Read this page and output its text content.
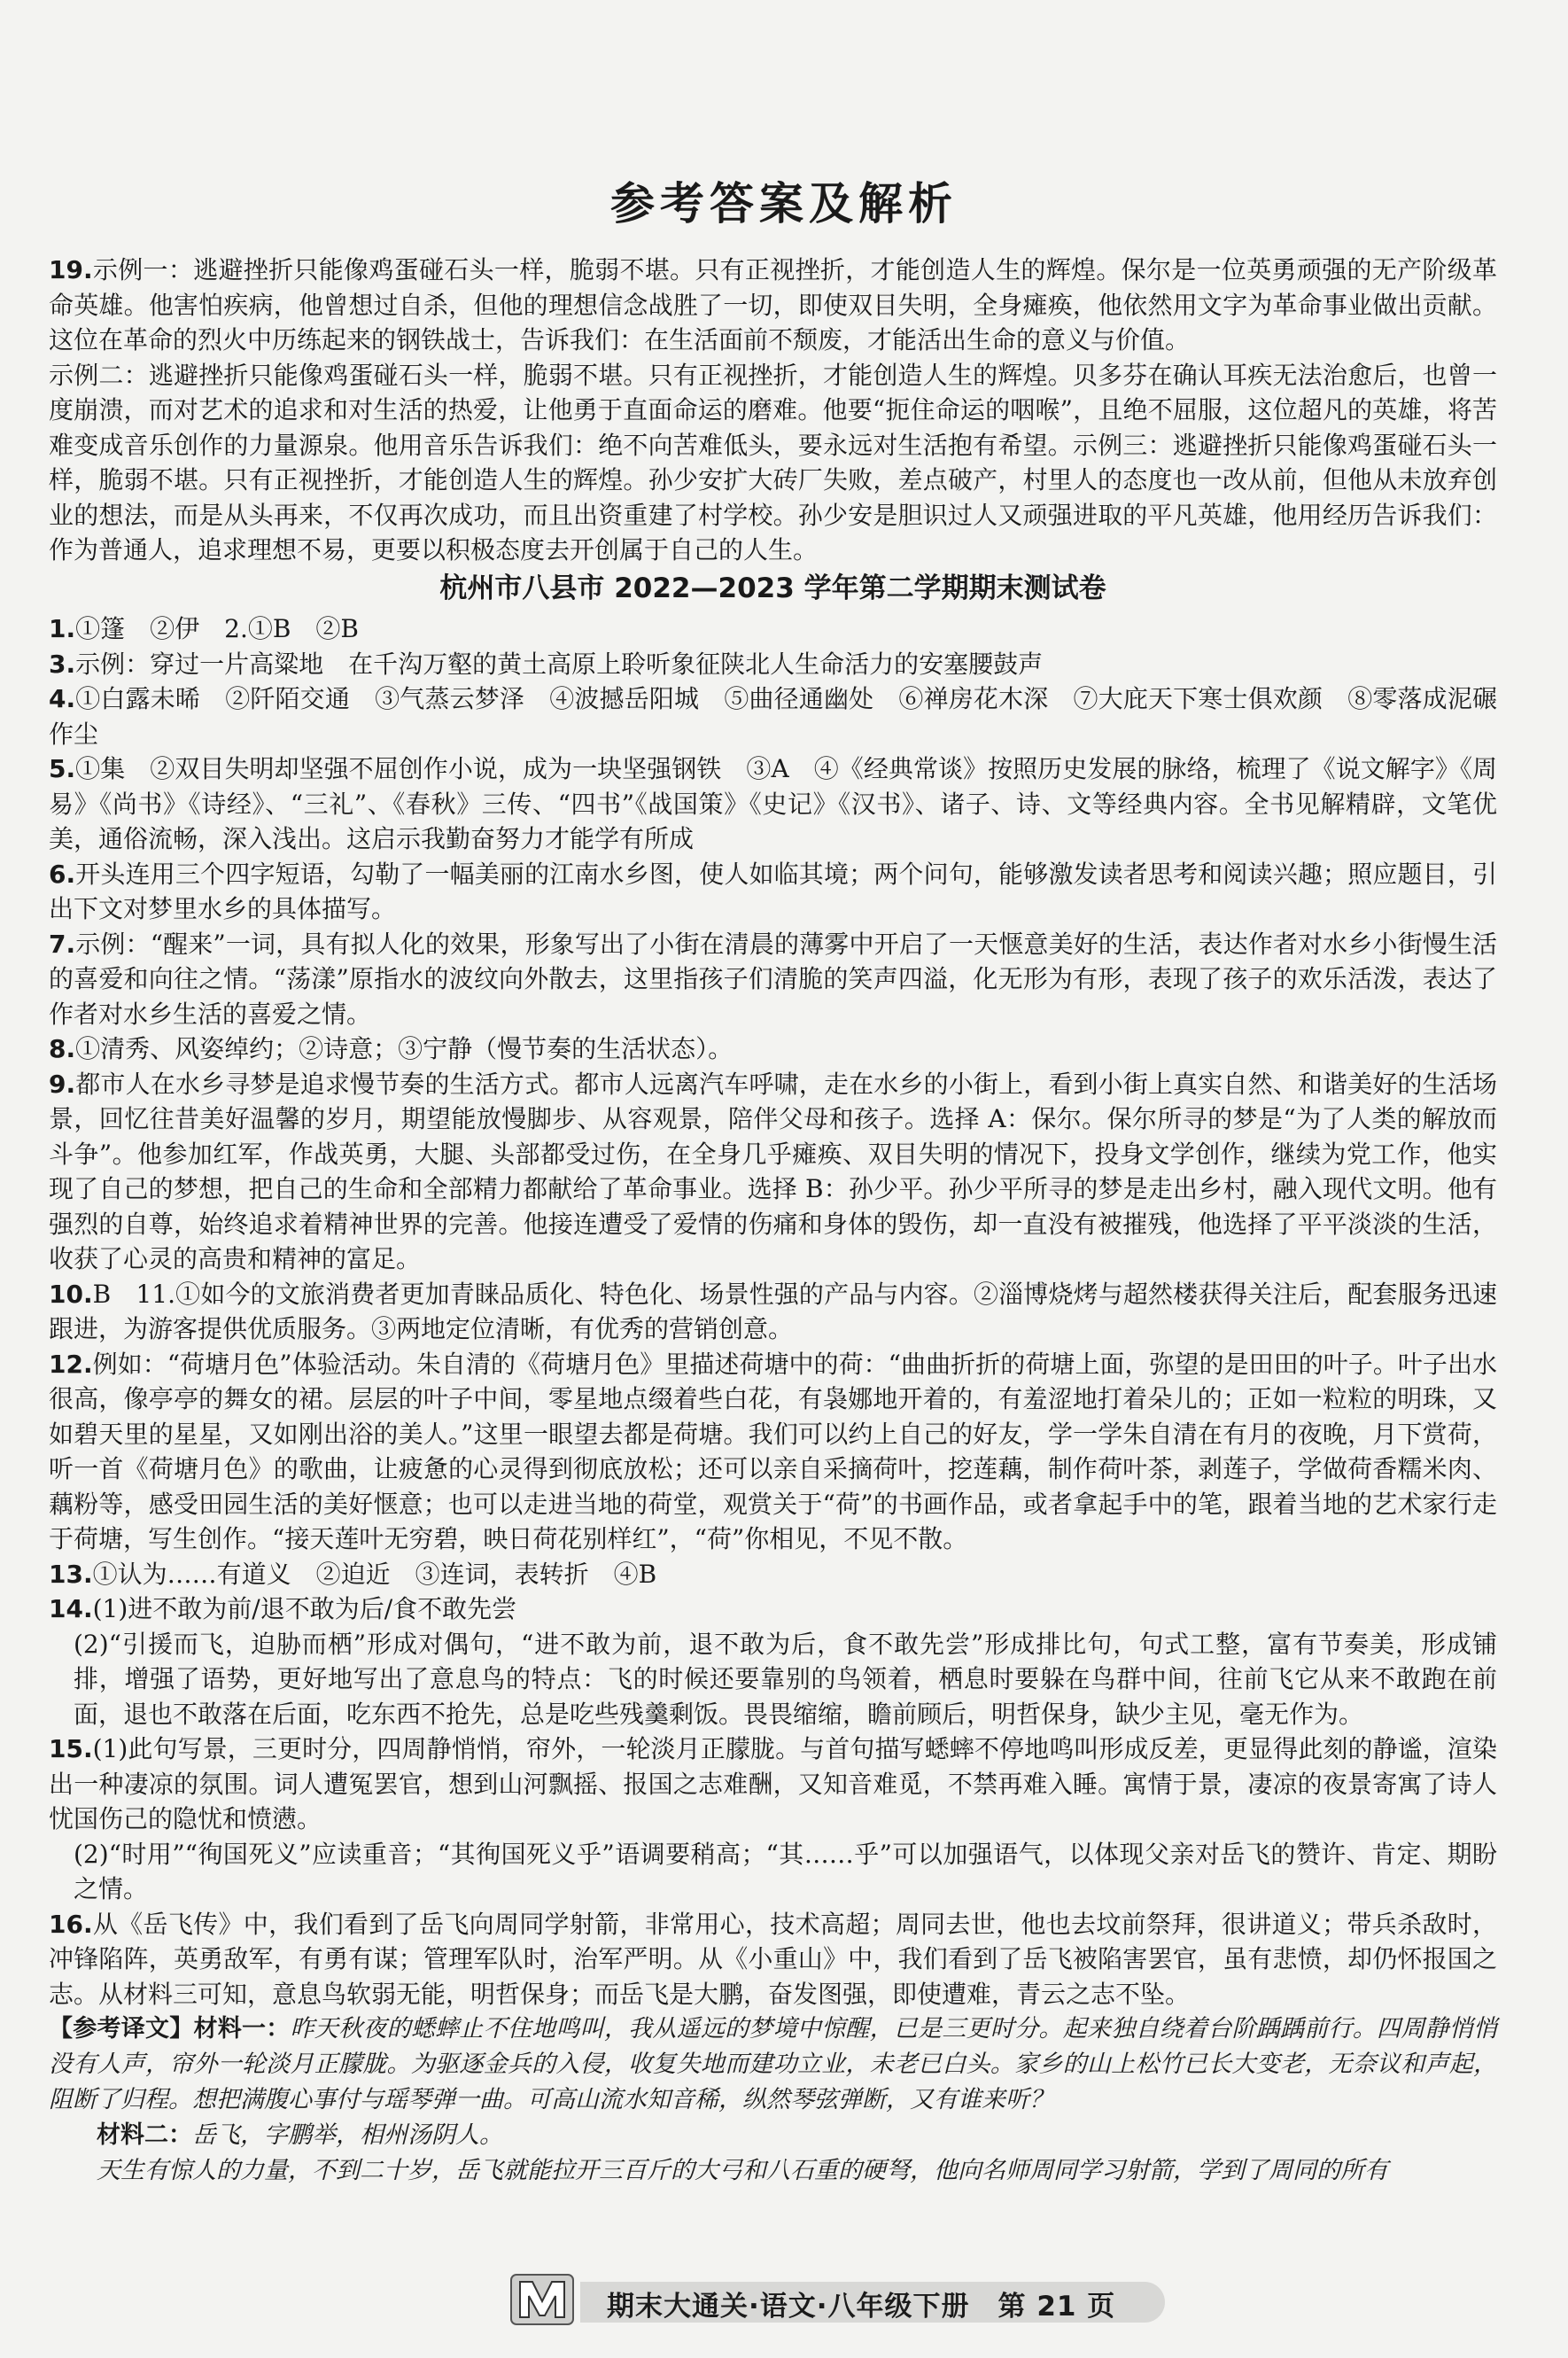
参考答案及解析

19.示例一：逃避挫折只能像鸡蛋碰石头一样，脆弱不堪。只有正视挫折，才能创造人生的辉煌。保尔是一位英勇顽强的无产阶级革命英雄。他害怕疾病，他曾想过自杀，但他的理想信念战胜了一切，即使双目失明，全身瘫痪，他依然用文字为革命事业做出贡献。这位在革命的烈火中历练起来的钢铁战士，告诉我们：在生活面前不颓废，才能活出生命的意义与价值。

示例二：逃避挫折只能像鸡蛋碰石头一样，脆弱不堪。只有正视挫折，才能创造人生的辉煌。贝多芬在确认耳疾无法治愈后，也曾一度崩溃，而对艺术的追求和对生活的热爱，让他勇于直面命运的磨难。他要“扼住命运的咽喉”，且绝不屈服，这位超凡的英雄，将苦难变成音乐创作的力量源泉。他用音乐告诉我们：绝不向苦难低头，要永远对生活抱有希望。示例三：逃避挫折只能像鸡蛋碰石头一样，脆弱不堪。只有正视挫折，才能创造人生的辉煌。孙少安扩大砖厂失败，差点破产，村里人的态度也一改从前，但他从未放弃创业的想法，而是从头再来，不仅再次成功，而且出资重建了村学校。孙少安是胆识过人又顽强进取的平凡英雄，他用经历告诉我们：作为普通人，追求理想不易，更要以积极态度去开创属于自己的人生。

杭州市八县市 2022—2023 学年第二学期期末测试卷

1.①篷　②伊　2.①B　②B

3.示例：穿过一片高粱地　在千沟万壑的黄土高原上聆听象征陕北人生命活力的安塞腰鼓声

4.①白露未晞　②阡陌交通　③气蒸云梦泽　④波撼岳阳城　⑤曲径通幽处　⑥禅房花木深　⑦大庇天下寒士俱欢颜　⑧零落成泥碾作尘

5.①集　②双目失明却坚强不屈创作小说，成为一块坚强钢铁　③A　④《经典常谈》按照历史发展的脉络，梳理了《说文解字》《周易》《尚书》《诗经》、“三礼”、《春秋》三传、“四书”《战国策》《史记》《汉书》、诸子、诗、文等经典内容。全书见解精辟，文笔优美，通俗流畅，深入浅出。这启示我勤奋努力才能学有所成

6.开头连用三个四字短语，勾勒了一幅美丽的江南水乡图，使人如临其境；两个问句，能够激发读者思考和阅读兴趣；照应题目，引出下文对梦里水乡的具体描写。

7.示例：“醒来”一词，具有拟人化的效果，形象写出了小街在清晨的薄雾中开启了一天惬意美好的生活，表达作者对水乡小街慢生活的喜爱和向往之情。“荡漾”原指水的波纹向外散去，这里指孩子们清脆的笑声四溢，化无形为有形，表现了孩子的欢乐活泼，表达了作者对水乡生活的喜爱之情。

8.①清秀、风姿绰约；②诗意；③宁静（慢节奏的生活状态）。

9.都市人在水乡寻梦是追求慢节奏的生活方式。都市人远离汽车呼啸，走在水乡的小街上，看到小街上真实自然、和谐美好的生活场景，回忆往昔美好温馨的岁月，期望能放慢脚步、从容观景，陪伴父母和孩子。选择 A：保尔。保尔所寻的梦是“为了人类的解放而斗争”。他参加红军，作战英勇，大腿、头部都受过伤，在全身几乎瘫痪、双目失明的情况下，投身文学创作，继续为党工作，他实现了自己的梦想，把自己的生命和全部精力都献给了革命事业。选择 B：孙少平。孙少平所寻的梦是走出乡村，融入现代文明。他有强烈的自尊，始终追求着精神世界的完善。他接连遭受了爱情的伤痛和身体的毁伤，却一直没有被摧残，他选择了平平淡淡的生活，收获了心灵的高贵和精神的富足。

10.B　11.①如今的文旅消费者更加青睐品质化、特色化、场景性强的产品与内容。②淄博烧烤与超然楼获得关注后，配套服务迅速跟进，为游客提供优质服务。③两地定位清晰，有优秀的营销创意。

12.例如：“荷塘月色”体验活动。朱自清的《荷塘月色》里描述荷塘中的荷：“曲曲折折的荷塘上面，弥望的是田田的叶子。叶子出水很高，像亭亭的舞女的裙。层层的叶子中间，零星地点缀着些白花，有袅娜地开着的，有羞涩地打着朵儿的；正如一粒粒的明珠，又如碧天里的星星，又如刚出浴的美人。”这里一眼望去都是荷塘。我们可以约上自己的好友，学一学朱自清在有月的夜晚，月下赏荷，听一首《荷塘月色》的歌曲，让疲惫的心灵得到彻底放松；还可以亲自采摘荷叶，挖莲藕，制作荷叶茶，剥莲子，学做荷香糯米肉、藕粉等，感受田园生活的美好惬意；也可以走进当地的荷堂，观赏关于“荷”的书画作品，或者拿起手中的笔，跟着当地的艺术家行走于荷塘，写生创作。“接天莲叶无穷碧，映日荷花别样红”，“荷”你相见，不见不散。

13.①认为……有道义　②迫近　③连词，表转折　④B

14.(1)进不敢为前/退不敢为后/食不敢先尝

(2)“引援而飞，迫胁而栖”形成对偶句，“进不敢为前，退不敢为后，食不敢先尝”形成排比句，句式工整，富有节奏美，形成铺排，增强了语势，更好地写出了意息鸟的特点：飞的时候还要靠别的鸟领着，栖息时要躲在鸟群中间，往前飞它从来不敢跑在前面，退也不敢落在后面，吃东西不抢先，总是吃些残羹剩饭。畏畏缩缩，瞻前顾后，明哲保身，缺少主见，毫无作为。

15.(1)此句写景，三更时分，四周静悄悄，帘外，一轮淡月正朦胧。与首句描写蟋蟀不停地鸣叫形成反差，更显得此刻的静谧，渲染出一种凄凉的氛围。词人遭冤罢官，想到山河飘摇、报国之志难酬，又知音难觅，不禁再难入睡。寓情于景，凄凉的夜景寄寓了诗人忧国伤己的隐忧和愤懑。

(2)“时用”“徇国死义”应读重音；“其徇国死义乎”语调要稍高；“其……乎”可以加强语气，以体现父亲对岳飞的赞许、肯定、期盼之情。

16.从《岳飞传》中，我们看到了岳飞向周同学射箭，非常用心，技术高超；周同去世，他也去坟前祭拜，很讲道义；带兵杀敌时，冲锋陷阵，英勇敌军，有勇有谋；管理军队时，治军严明。从《小重山》中，我们看到了岳飞被陷害罢官，虽有悲愤，却仍怀报国之志。从材料三可知，意息鸟软弱无能，明哲保身；而岳飞是大鹏，奋发图强，即使遭难，青云之志不坠。

【参考译文】材料一：昨天秋夜的蟋蟀止不住地鸣叫，我从遥远的梦境中惊醒，已是三更时分。起来独自绕着台阶踽踽前行。四周静悄悄没有人声，帘外一轮淡月正朦胧。为驱逐金兵的入侵，收复失地而建功立业，未老已白头。家乡的山上松竹已长大变老，无奈议和声起，阻断了归程。想把满腹心事付与瑶琴弹一曲。可高山流水知音稀，纵然琴弦弹断，又有谁来听？

材料二：岳飞，字鹏举，相州汤阴人。

天生有惊人的力量，不到二十岁，岳飞就能拉开三百斤的大弓和八石重的硬弩，他向名师周同学习射箭，学到了周同的所有

期末大通关·语文·八年级下册　第 21 页
